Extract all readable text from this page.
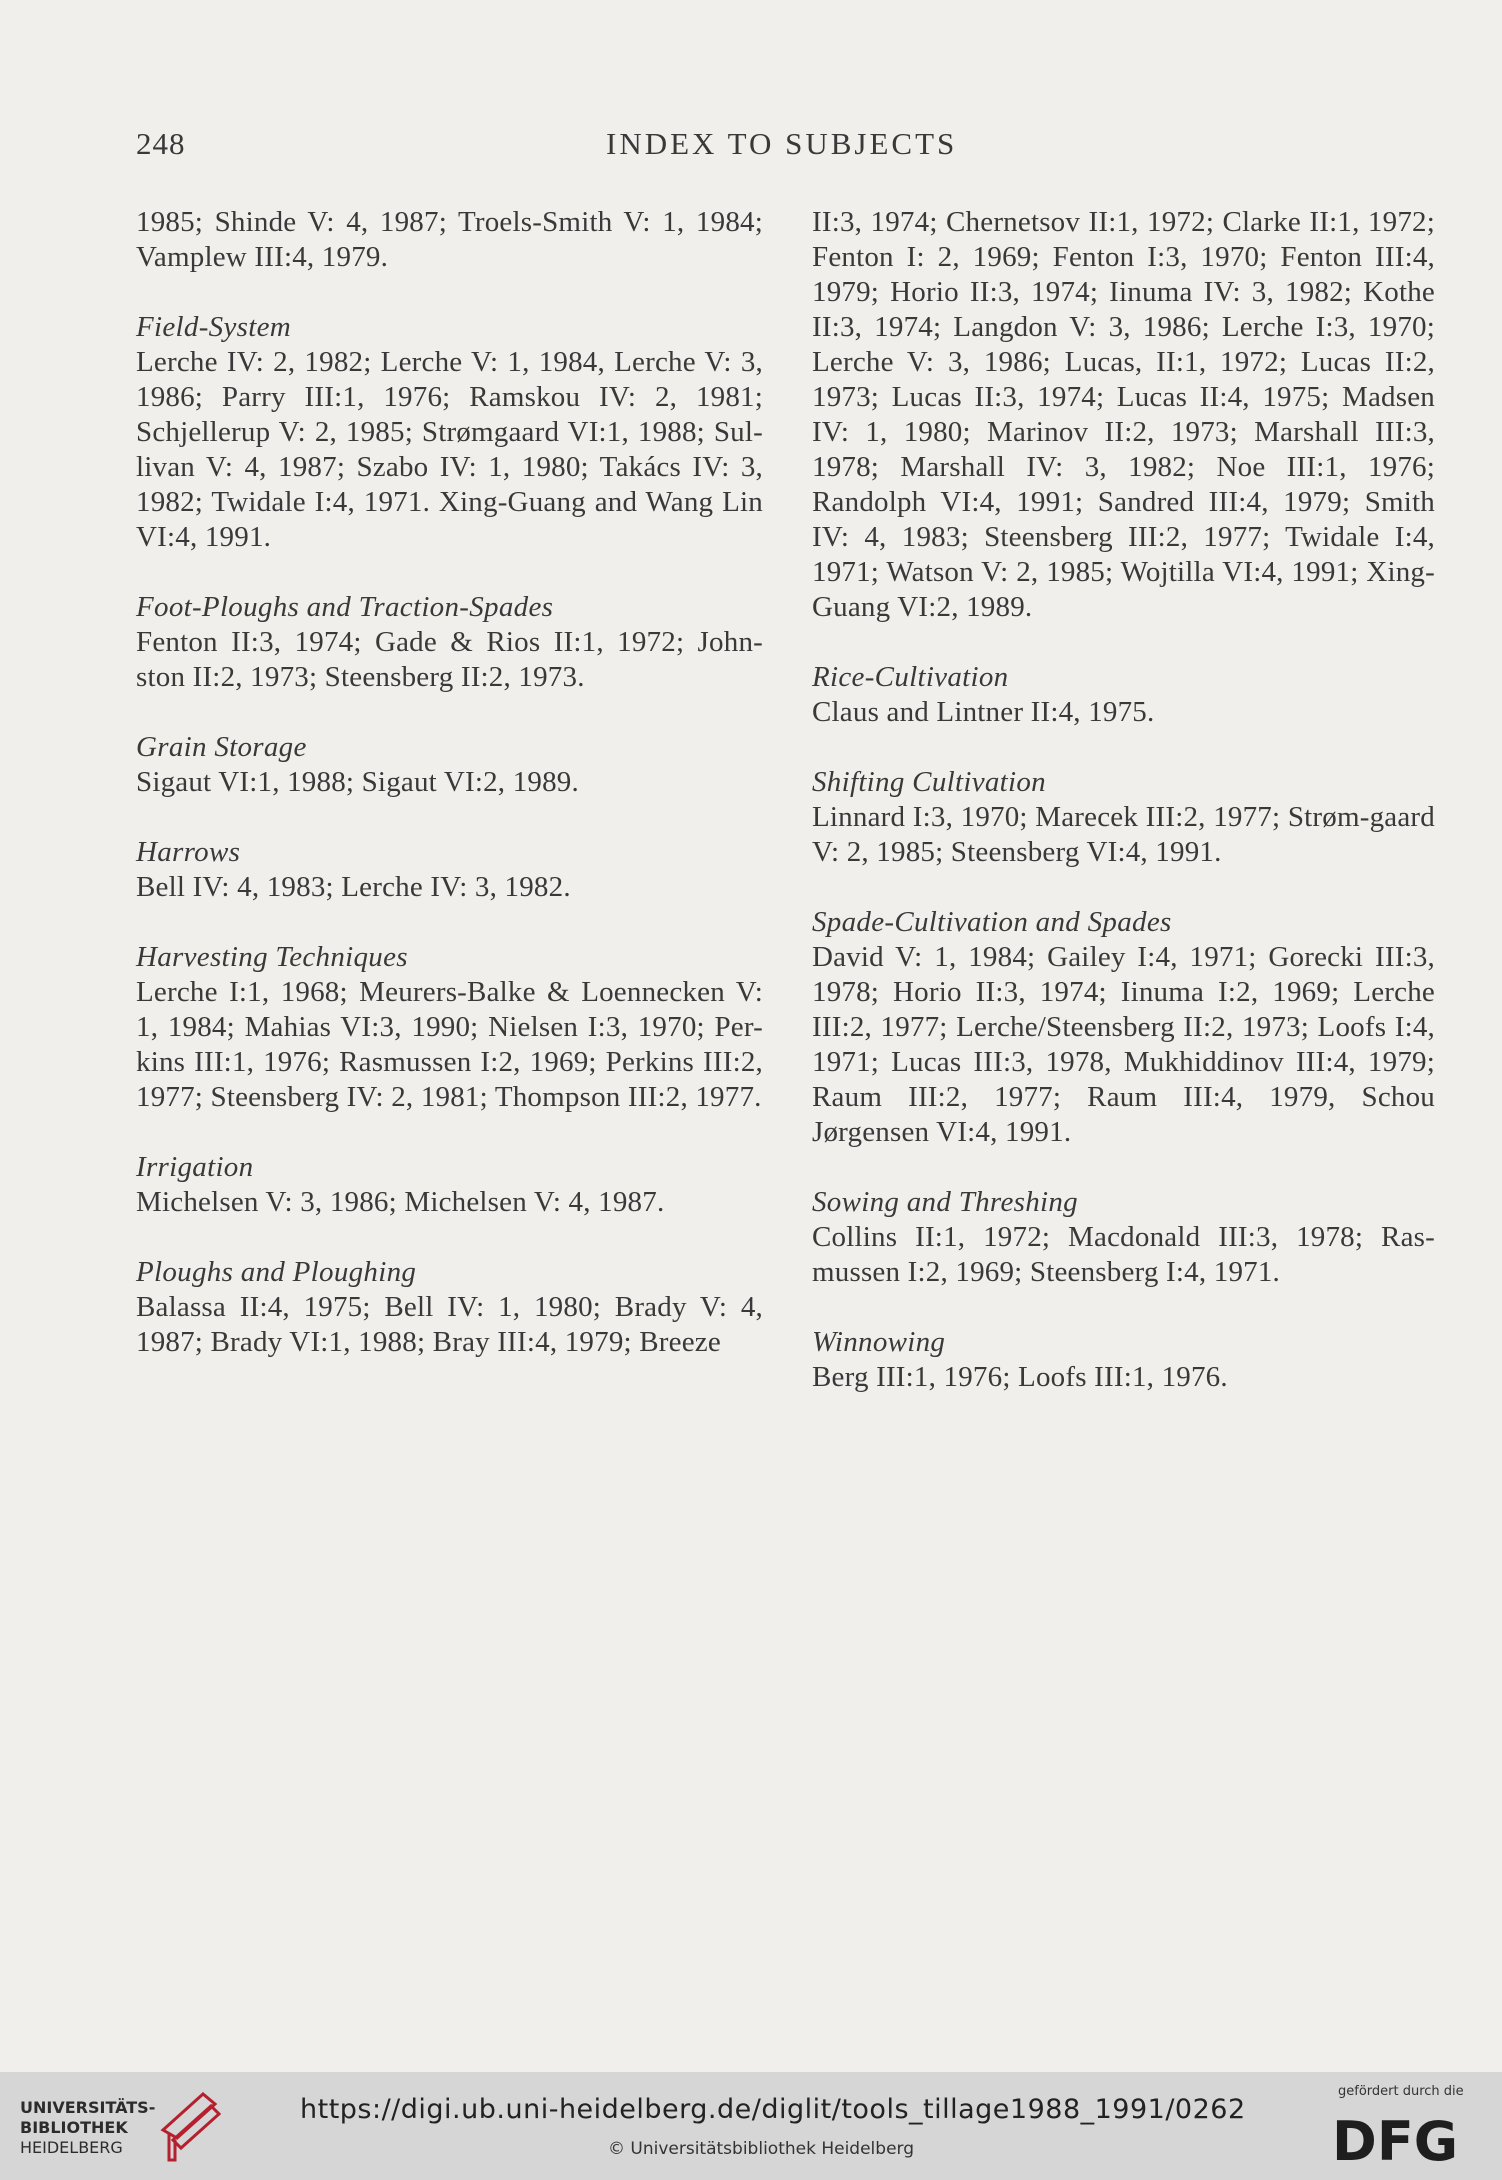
248	INDEX TO SUBJECTS
1985; Shinde V: 4, 1987; Troels-Smith V: 1, 1984; Vamplew III:4, 1979.
Field-System
Lerche IV: 2, 1982; Lerche V: 1, 1984, Lerche V: 3, 1986; Parry III:1, 1976; Ramskou IV: 2, 1981; Schjellerup V: 2, 1985; Strømgaard VI:1, 1988; Sul-livan V: 4, 1987; Szabo IV: 1, 1980; Takács IV: 3, 1982; Twidale I:4, 1971. Xing-Guang and Wang Lin VI:4, 1991.
Foot-Ploughs and Traction-Spades
Fenton II:3, 1974; Gade & Rios II:1, 1972; John-ston II:2, 1973; Steensberg II:2, 1973.
Grain Storage
Sigaut VI:1, 1988; Sigaut VI:2, 1989.
Harrows
Bell IV: 4, 1983; Lerche IV: 3, 1982.
Harvesting Techniques
Lerche I:1, 1968; Meurers-Balke & Loennecken V: 1, 1984; Mahias VI:3, 1990; Nielsen I:3, 1970; Per-kins III:1, 1976; Rasmussen I:2, 1969; Perkins III:2, 1977; Steensberg IV: 2, 1981; Thompson III:2, 1977.
Irrigation
Michelsen V: 3, 1986; Michelsen V: 4, 1987.
Ploughs and Ploughing
Balassa II:4, 1975; Bell IV: 1, 1980; Brady V: 4, 1987; Brady VI:1, 1988; Bray III:4, 1979; Breeze
II:3, 1974; Chernetsov II:1, 1972; Clarke II:1, 1972; Fenton I: 2, 1969; Fenton I:3, 1970; Fenton III:4, 1979; Horio II:3, 1974; Iinuma IV: 3, 1982; Kothe II:3, 1974; Langdon V: 3, 1986; Lerche I:3, 1970; Lerche V: 3, 1986; Lucas, II:1, 1972; Lucas II:2, 1973; Lucas II:3, 1974; Lucas II:4, 1975; Madsen IV: 1, 1980; Marinov II:2, 1973; Marshall III:3, 1978; Marshall IV: 3, 1982; Noe III:1, 1976; Randolph VI:4, 1991; Sandred III:4, 1979; Smith IV: 4, 1983; Steensberg III:2, 1977; Twidale I:4, 1971; Watson V: 2, 1985; Wojtilla VI:4, 1991; Xing-Guang VI:2, 1989.
Rice-Cultivation
Claus and Lintner II:4, 1975.
Shifting Cultivation
Linnard I:3, 1970; Marecek III:2, 1977; Strøm-gaard V: 2, 1985; Steensberg VI:4, 1991.
Spade-Cultivation and Spades
David V: 1, 1984; Gailey I:4, 1971; Gorecki III:3, 1978; Horio II:3, 1974; Iinuma I:2, 1969; Lerche III:2, 1977; Lerche/Steensberg II:2, 1973; Loofs I:4, 1971; Lucas III:3, 1978, Mukhiddinov III:4, 1979; Raum III:2, 1977; Raum III:4, 1979, Schou Jørgensen VI:4, 1991.
Sowing and Threshing
Collins II:1, 1972; Macdonald III:3, 1978; Ras-mussen I:2, 1969; Steensberg I:4, 1971.
Winnowing
Berg III:1, 1976; Loofs III:1, 1976.
UNIVERSITÄTS-
BIBLIOTHEK
HEIDELBERG
https://digi.ub.uni-heidelberg.de/diglit/tools_tillage1988_1991/0262
© Universitätsbibliothek Heidelberg
gefördert durch die
DFG
